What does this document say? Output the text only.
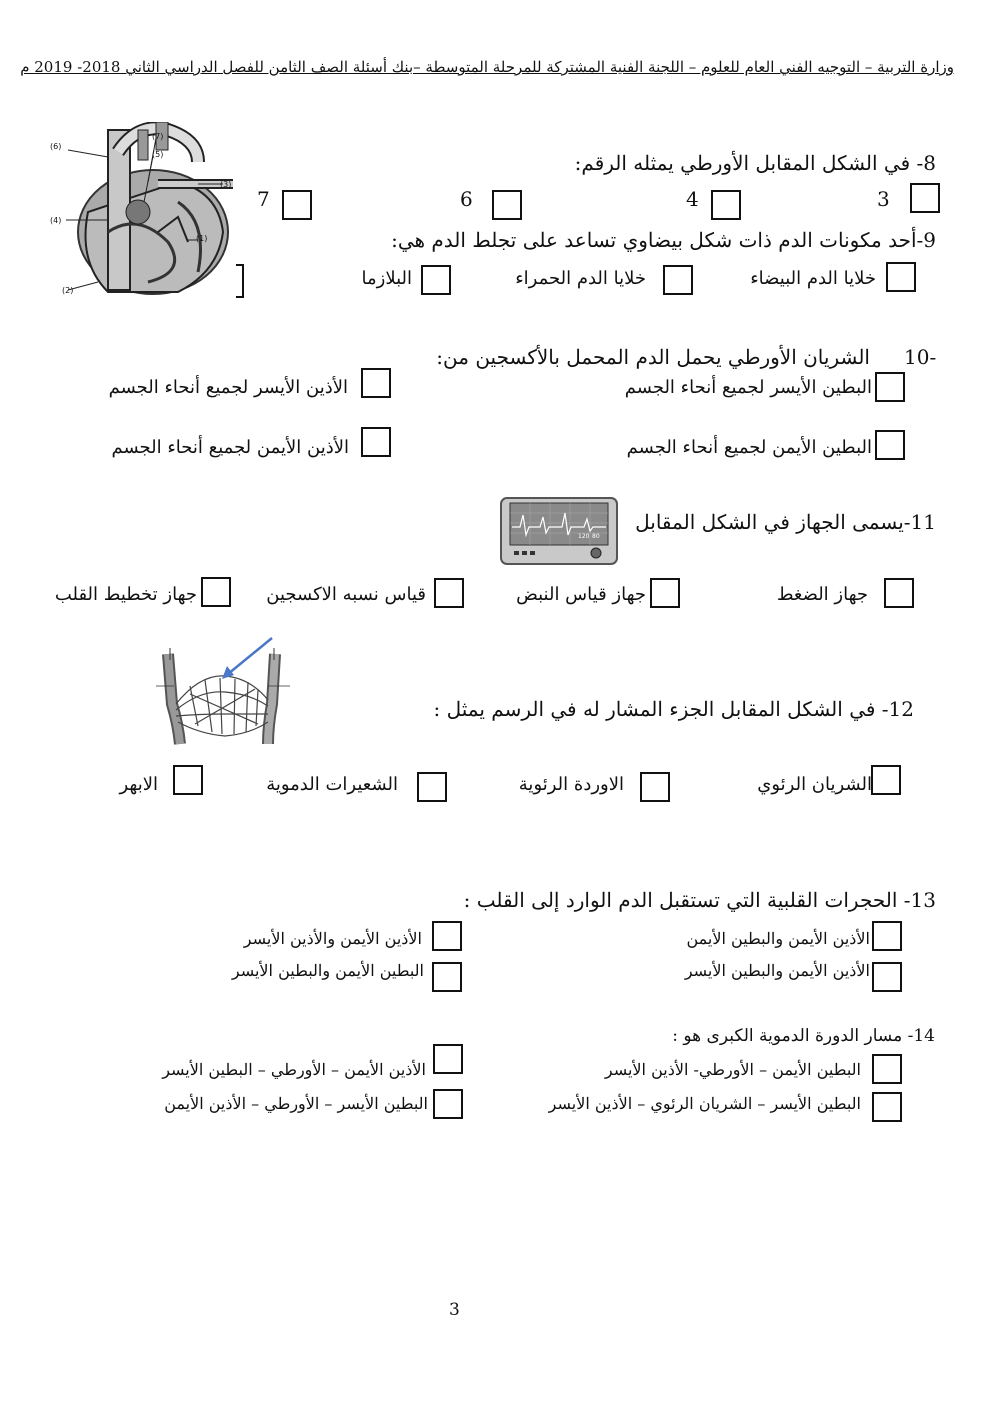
وزارة التربية – التوجيه الفني العام للعلوم – اللجنة الفنية المشتركة للمرحلة المتوسطة –بنك أسئلة الصف الثامن للفصل الدراسي الثاني 2018- 2019 م
(6)
(7)
(5)
(3)
(4)
(1)
(2)
8- في الشكل المقابل الأورطي يمثله الرقم:
3
4
6
7
9-أحد مكونات الدم ذات شكل بيضاوي تساعد على تجلط الدم هي:
خلايا الدم البيضاء
خلايا الدم الحمراء
البلازما
10-
الشريان الأورطي يحمل الدم المحمل بالأكسجين من:
البطين الأيسر لجميع أنحاء الجسم
الأذين الأيسر لجميع أنحاء الجسم
البطين الأيمن لجميع أنحاء الجسم
الأذين الأيمن لجميع أنحاء الجسم
120 80
11-يسمى الجهاز في الشكل المقابل
جهاز الضغط
جهاز قياس النبض
قياس نسبه الاكسجين
جهاز تخطيط القلب
12- في الشكل المقابل الجزء المشار له في الرسم يمثل :
الشريان الرئوي
الاوردة الرئوية
الشعيرات الدموية
الابهر
13- الحجرات القلبية التي تستقبل الدم الوارد إلى القلب :
الأذين الأيمن والبطين الأيمن
الأذين الأيمن والأذين الأيسر
الأذين الأيمن والبطين الأيسر
البطين الأيمن والبطين الأيسر
14- مسار الدورة الدموية الكبرى هو :
البطين الأيمن – الأورطي- الأذين الأيسر
الأذين الأيمن – الأورطي – البطين الأيسر
البطين الأيسر – الشريان الرئوي – الأذين الأيسر
البطين الأيسر – الأورطي – الأذين الأيمن
3
